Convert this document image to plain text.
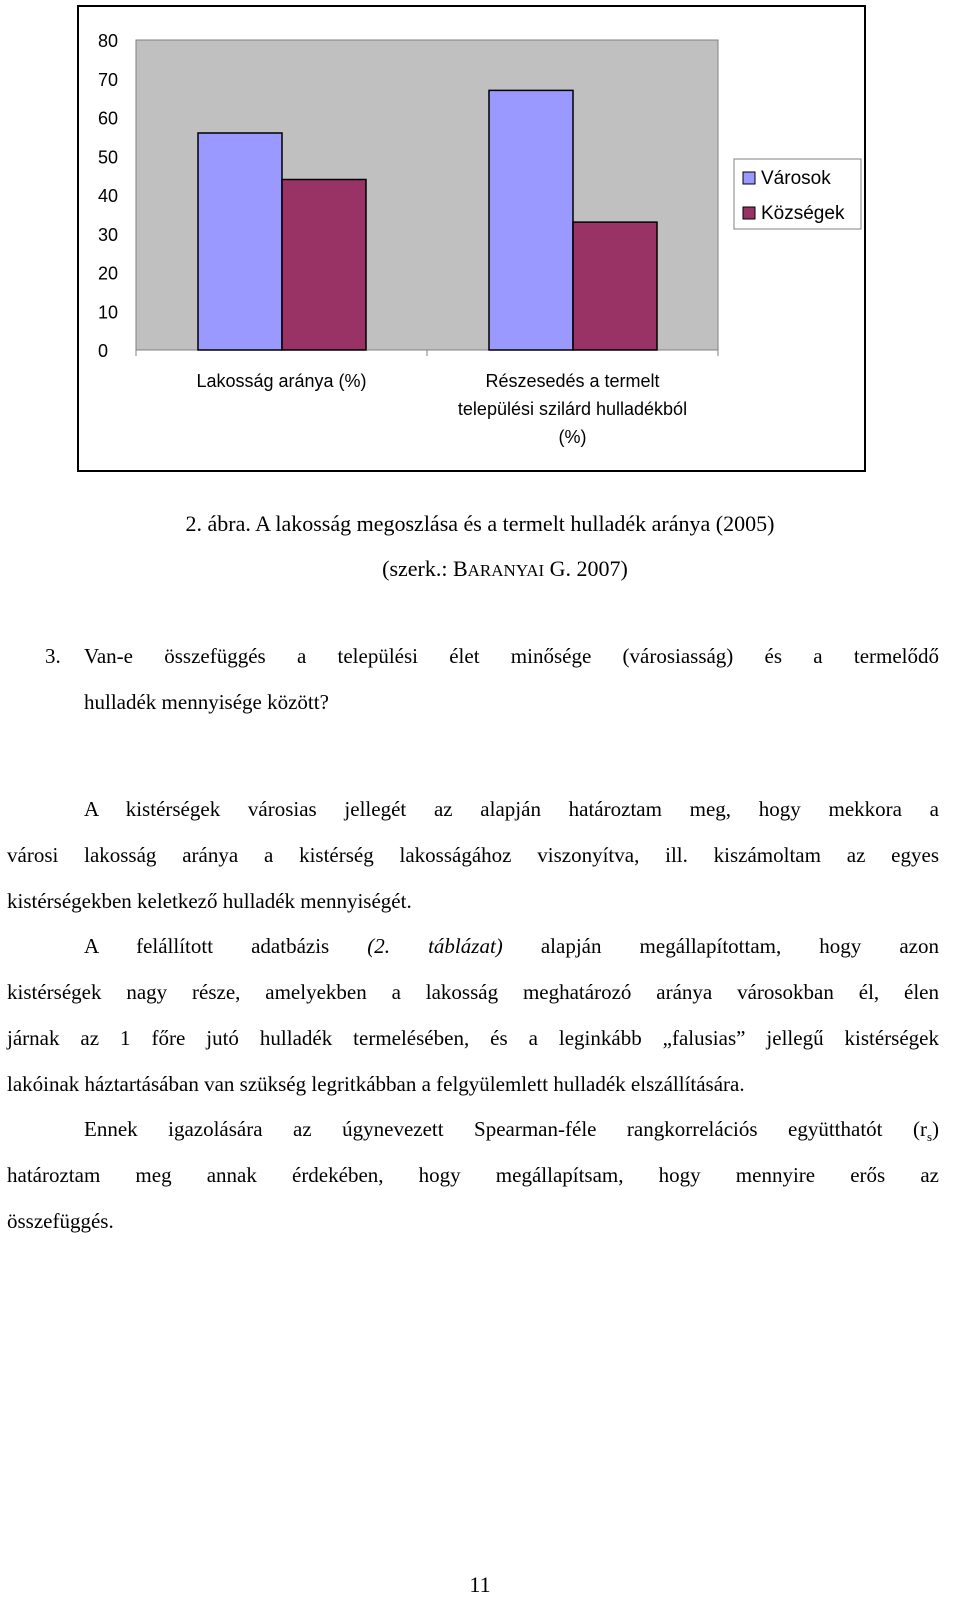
0
10
20
30
40
50
60
70
80
Lakosság aránya (%)	Részesedés a termelt
települési szilárd hulladékból
(%)
Városok
Községek
2. ábra. A lakosság megoszlása és a termelt hulladék aránya (2005)
(szerk.: BARANYAI G. 2007)
3.	Van-e összefüggés a települési élet minősége (városiasság) és a termelődő
hulladék mennyisége között?
A kistérségek városias jellegét az alapján határoztam meg, hogy mekkora a
városi lakosság aránya a kistérség lakosságához viszonyítva, ill. kiszámoltam az egyes
kistérségekben keletkező hulladék mennyiségét.
A felállított adatbázis (2. táblázat) alapján megállapítottam, hogy azon
kistérségek nagy része, amelyekben a lakosság meghatározó aránya városokban él, élen
járnak az 1 főre jutó hulladék termelésében, és a leginkább „falusias” jellegű kistérségek
lakóinak háztartásában van szükség legritkábban a felgyülemlett hulladék elszállítására.
Ennek igazolására az úgynevezett Spearman-féle rangkorrelációs együtthatót $(r_s)$
határoztam meg annak érdekében, hogy megállapítsam, hogy mennyire erős az
összefüggés.
11
